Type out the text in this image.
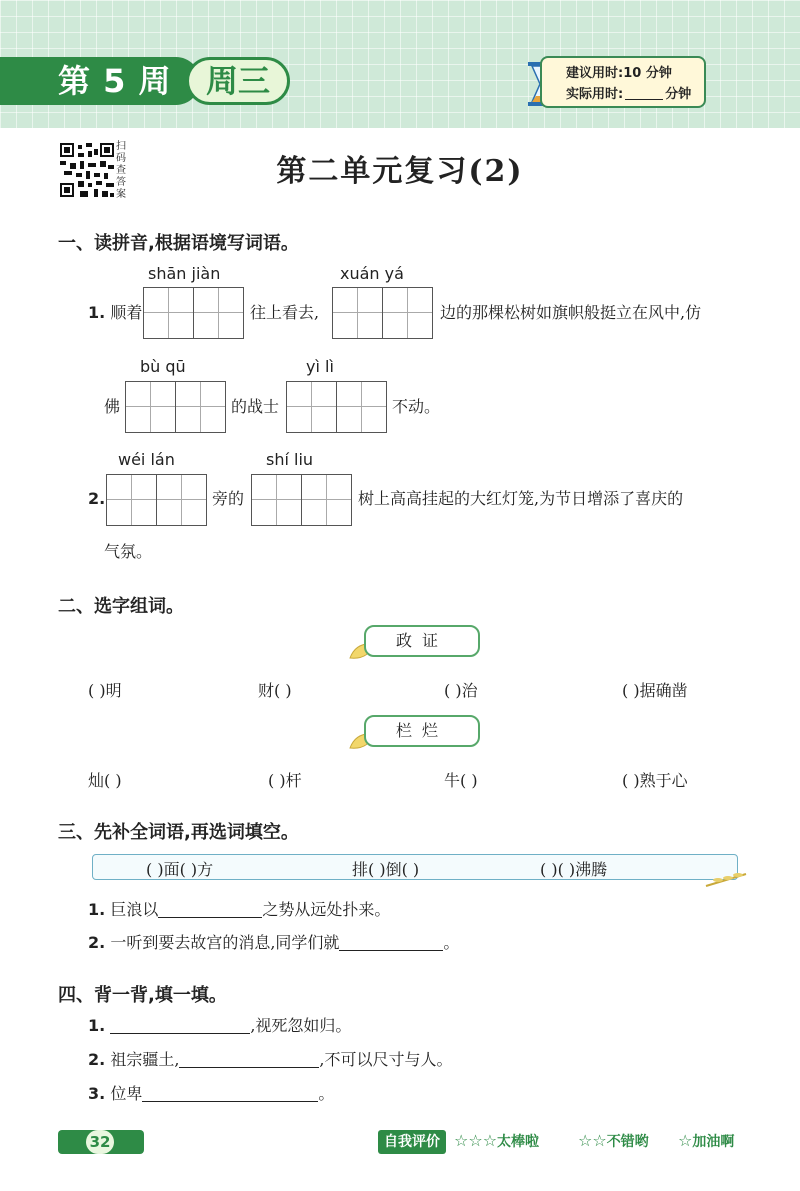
第 5 周	周三	建议用时:10 分钟
实际用时:	分钟
扫码查答案
第二单元复习(2)
一、读拼音,根据语境写词语。
shān jiàn	xuán yá
1. 顺着	往上看去,	边的那棵松树如旗帜般挺立在风中,仿
bù qū	yì lì
佛	的战士	不动。
wéi lán	shí liu
2.	旁的	树上高高挂起的大红灯笼,为节日增添了喜庆的
气氛。
二、选字组词。
政证
( )明	财( )	( )治	( )据确凿
栏烂
灿( )	( )杆	牛( )	( )熟于心
三、先补全词语,再选词填空。
( )面( )方	排( )倒( )	( )( )沸腾
1. 巨浪以	之势从远处扑来。
2. 一听到要去故宫的消息,同学们就	。
四、背一背,填一填。
1.	,视死忽如归。
2. 祖宗疆土,	,不可以尺寸与人。
3. 位卑	。
32	自我评价 ☆☆☆太棒啦 ☆☆不错哟 ☆加油啊
